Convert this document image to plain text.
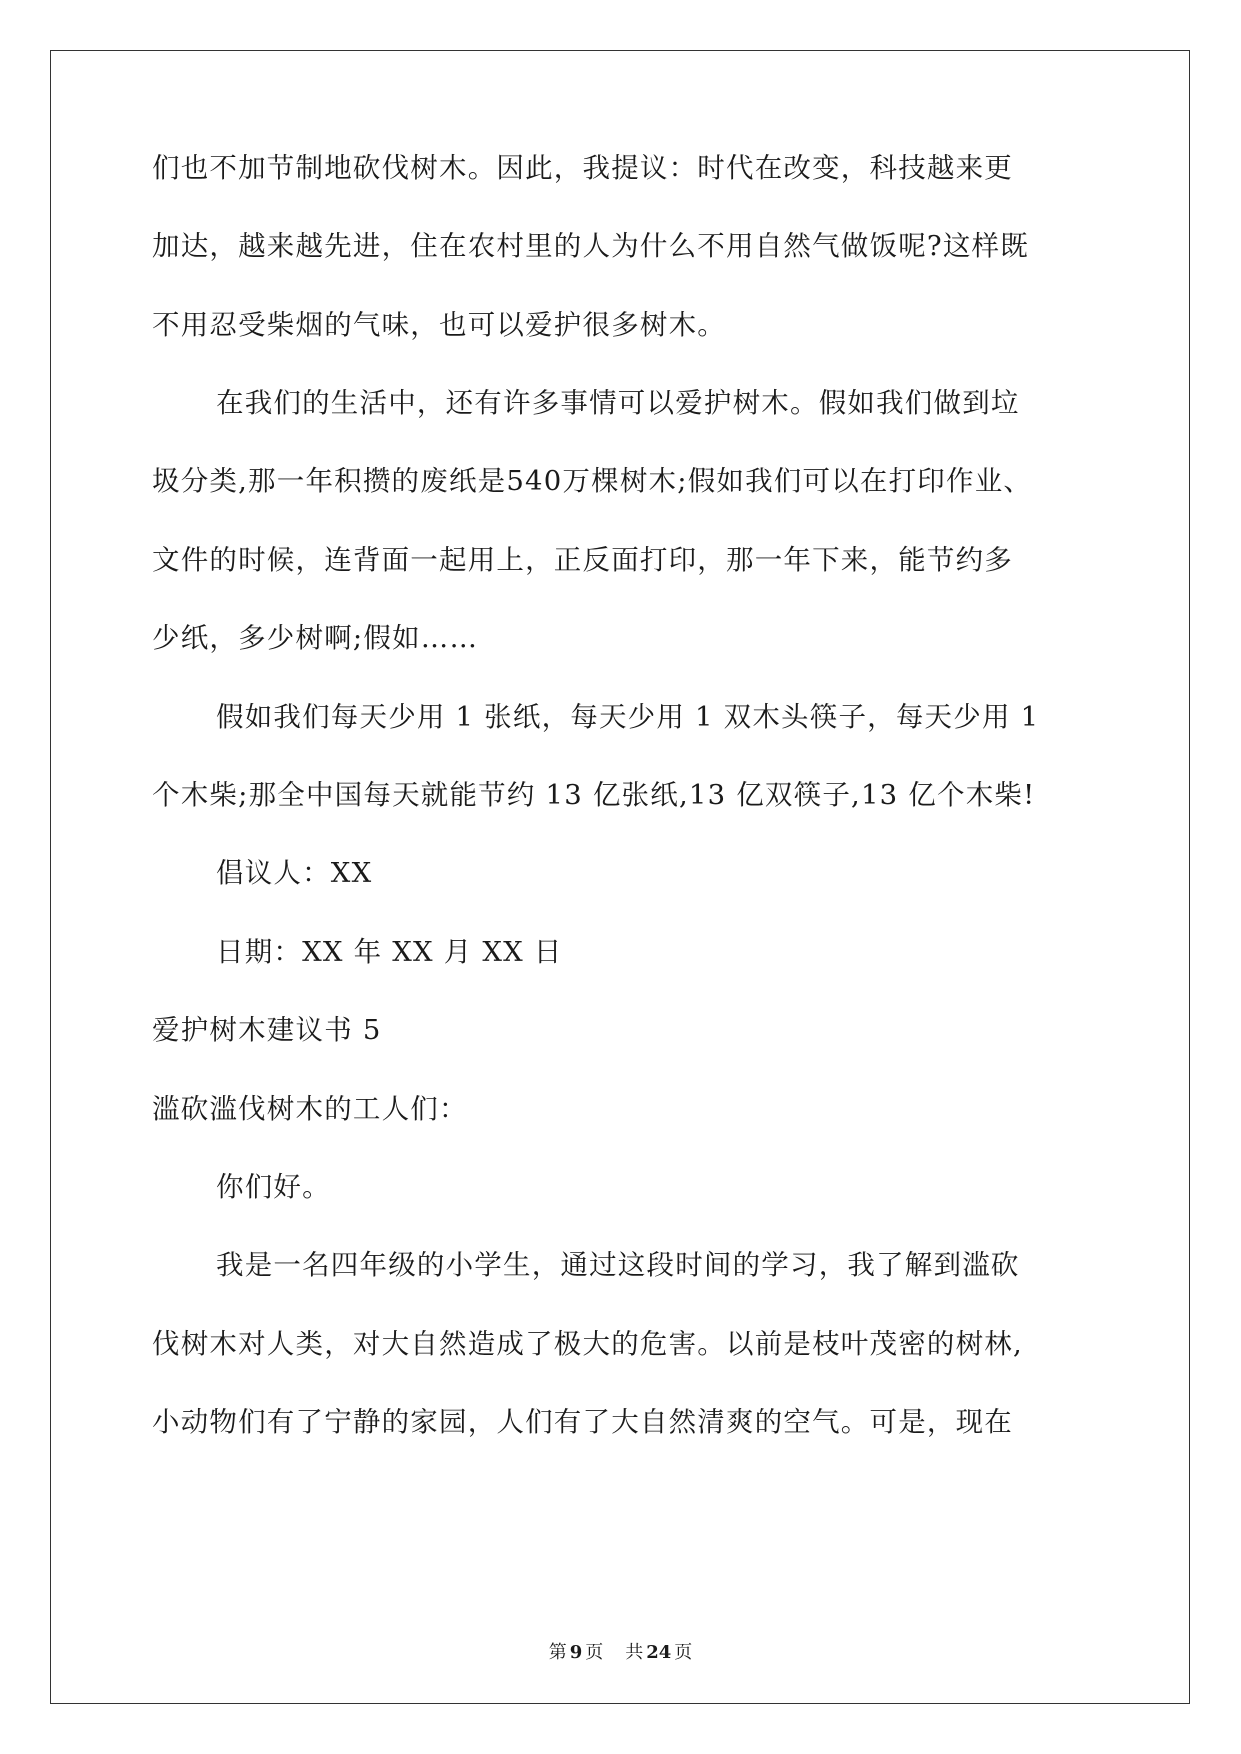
们也不加节制地砍伐树木。因此，我提议：时代在改变，科技越来更
加达，越来越先进，住在农村里的人为什么不用自然气做饭呢?这样既
不用忍受柴烟的气味，也可以爱护很多树木。
在我们的生活中，还有许多事情可以爱护树木。假如我们做到垃
圾分类,那一年积攒的废纸是540万棵树木;假如我们可以在打印作业、
文件的时候，连背面一起用上，正反面打印，那一年下来，能节约多
少纸，多少树啊;假如……
假如我们每天少用 1 张纸，每天少用 1 双木头筷子，每天少用 1
个木柴;那全中国每天就能节约 13 亿张纸,13 亿双筷子,13 亿个木柴!
倡议人：XX
日期：XX 年 XX 月 XX 日
爱护树木建议书 5
滥砍滥伐树木的工人们：
你们好。
我是一名四年级的小学生，通过这段时间的学习，我了解到滥砍
伐树木对人类，对大自然造成了极大的危害。以前是枝叶茂密的树林,
小动物们有了宁静的家园，人们有了大自然清爽的空气。可是，现在
第 9 页 共 24 页
